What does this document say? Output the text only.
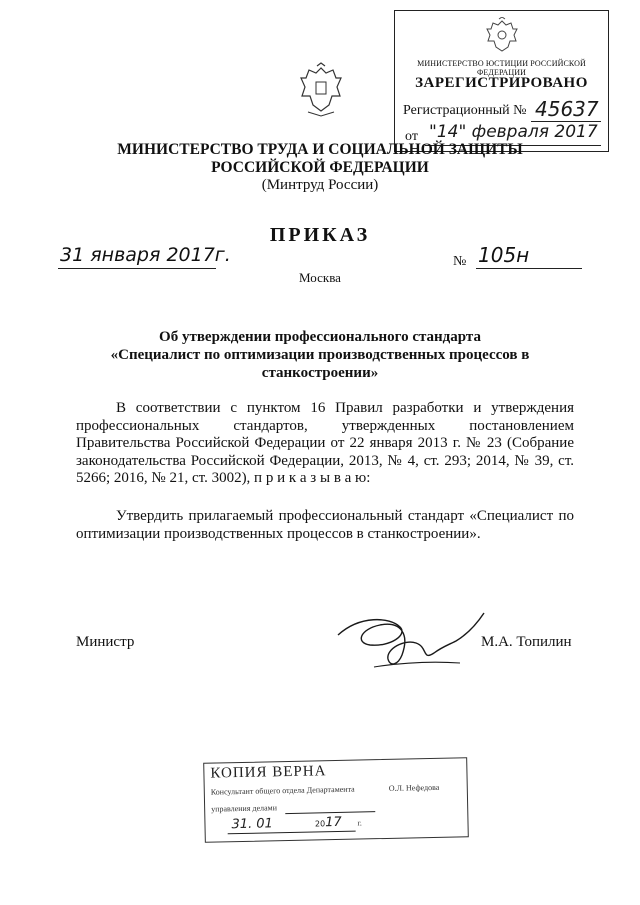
МИНИСТЕРСТВО ЮСТИЦИИ РОССИЙСКОЙ ФЕДЕРАЦИИ
ЗАРЕГИСТРИРОВАНО
Регистрационный № 45637
от "14" февраля 2017
МИНИСТЕРСТВО ТРУДА И СОЦИАЛЬНОЙ ЗАЩИТЫ
РОССИЙСКОЙ ФЕДЕРАЦИИ
(Минтруд России)
ПРИКАЗ
31 января 2017г.	№ 105н
Москва
Об утверждении профессионального стандарта
«Специалист по оптимизации производственных процессов в
станкостроении»
В соответствии с пунктом 16 Правил разработки и утверждения профессиональных стандартов, утвержденных постановлением Правительства Российской Федерации от 22 января 2013 г. № 23 (Собрание законодательства Российской Федерации, 2013, № 4, ст. 293; 2014, № 39, ст. 5266; 2016, № 21, ст. 3002), п р и к а з ы в а ю:
Утвердить прилагаемый профессиональный стандарт «Специалист по оптимизации производственных процессов в станкостроении».
Министр	М.А. Топилин
КОПИЯ ВЕРНА
Консультант общего отдела Департамента	О.Л. Нефедова
управления делами
31. 01	2017 г.
